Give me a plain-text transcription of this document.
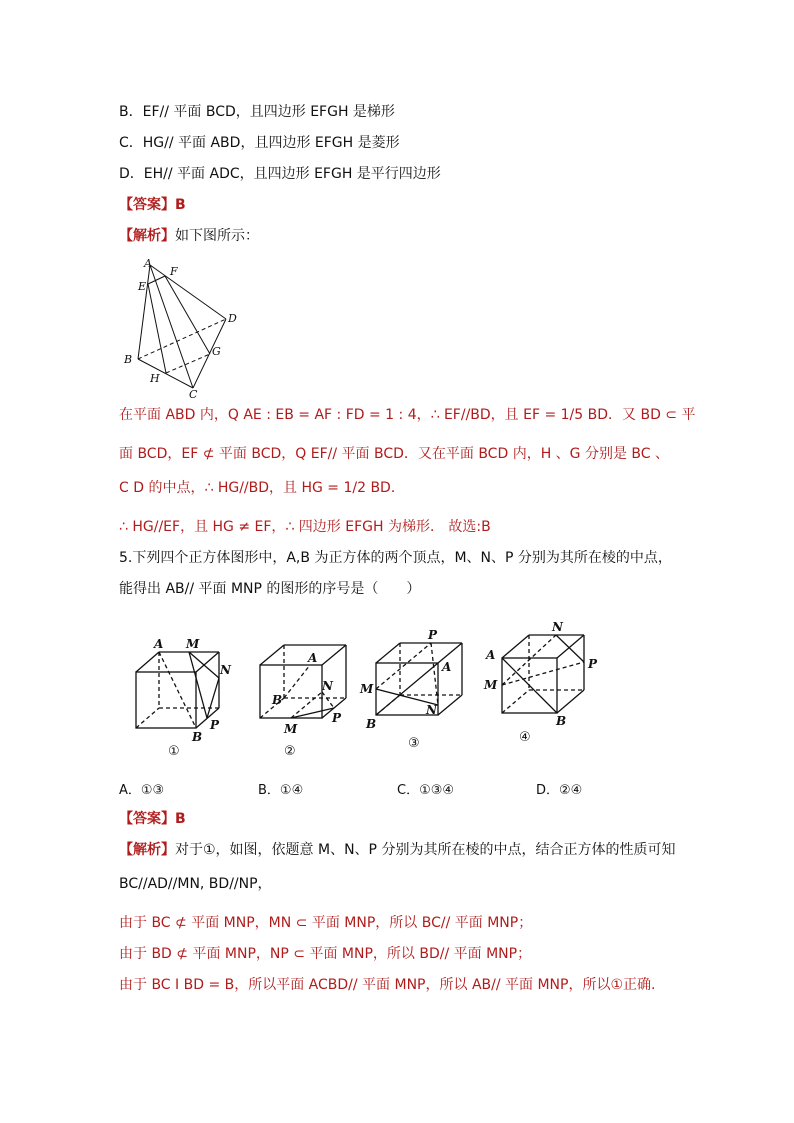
B．EF// 平面 BCD，且四边形 EFGH 是梯形
C．HG// 平面 ABD，且四边形 EFGH 是菱形
D．EH// 平面 ADC，且四边形 EFGH 是平行四边形
【答案】B
【解析】如下图所示：
A
F
E
D
B
G
H
C
在平面 ABD 内，Q AE : EB = AF : FD = 1 : 4，∴ EF//BD，且 EF = 1/5 BD．又 BD ⊂ 平
面 BCD，EF ⊄ 平面 BCD，Q EF// 平面 BCD．又在平面 BCD 内，H 、G 分别是 BC 、
C D 的中点，∴ HG//BD，且 HG = 1/2 BD．
∴ HG//EF，且 HG ≠ EF，∴ 四边形 EFGH 为梯形． 故选:B
5.下列四个正方体图形中，A,B 为正方体的两个顶点，M、N、P 分别为其所在棱的中点，
能得出 AB// 平面 MNP 的图形的序号是（　　）
A M
N
P
B
①
A
B
N
P
M
②
P
A
M
N
B
③
N
A
P
M
B
④
A．①③	B．①④	C．①③④	D．②④
【答案】B
【解析】对于①，如图，依题意 M、N、P 分别为其所在棱的中点，结合正方体的性质可知
BC//AD//MN, BD//NP，
由于 BC ⊄ 平面 MNP，MN ⊂ 平面 MNP，所以 BC// 平面 MNP；
由于 BD ⊄ 平面 MNP，NP ⊂ 平面 MNP，所以 BD// 平面 MNP；
由于 BC I BD = B，所以平面 ACBD// 平面 MNP，所以 AB// 平面 MNP，所以①正确.
